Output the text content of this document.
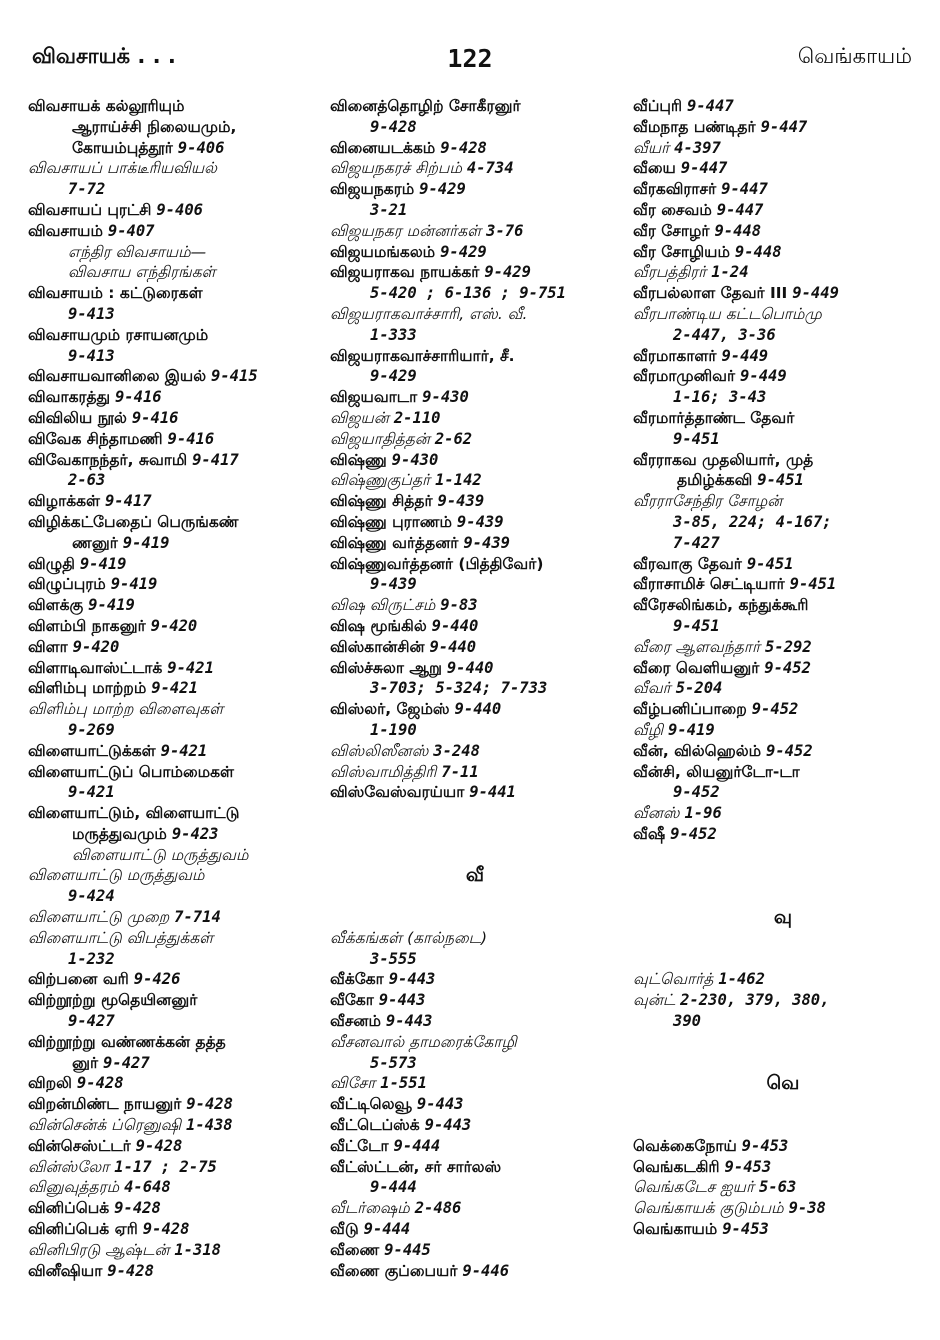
விவசாயக் . . .	122	வெங்காயம்
விவசாயக் கல்லூரியும்
ஆராய்ச்சி நிலையமும்,
கோயம்புத்தூர் 9-406
விவசாயப் பாக்டீரியவியல்
7-72
விவசாயப் புரட்சி 9-406
விவசாயம் 9-407
எந்திர விவசாயம்—
விவசாய எந்திரங்கள்
விவசாயம் : கட்டுரைகள்
9-413
விவசாயமும் ரசாயனமும்
9-413
விவசாயவானிலை இயல் 9-415
விவாகரத்து 9-416
விவிலிய நூல் 9-416
விவேக சிந்தாமணி 9-416
விவேகாநந்தர், சுவாமி 9-417
2-63
விழாக்கள் 9-417
விழிக்கட்பேதைப் பெருங்கண்
ணனுர் 9-419
விழுதி 9-419
விழுப்புரம் 9-419
விளக்கு 9-419
விளம்பி நாகனுர் 9-420
விளா 9-420
விளாடிவாஸ்ட்டாக் 9-421
விளிம்பு மாற்றம் 9-421
விளிம்பு மாற்ற விளைவுகள்
9-269
விளையாட்டுக்கள் 9-421
விளையாட்டுப் பொம்மைகள்
9-421
விளையாட்டும், விளையாட்டு
மருத்துவமும் 9-423
விளையாட்டு மருத்துவம்
விளையாட்டு மருத்துவம்
9-424
விளையாட்டு முறை 7-714
விளையாட்டு விபத்துக்கள்
1-232
விற்பனை வரி 9-426
விற்றூற்று மூதெயினனுர்
9-427
விற்றூற்று வண்ணக்கன் தத்த
னுர் 9-427
விறலி 9-428
விறன்மிண்ட நாயனுர் 9-428
வின்சென்க் ப்ரெனுஷி 1-438
வின்செஸ்ட்டர் 9-428
வின்ஸ்லோ 1-17 ; 2-75
வினுவுத்தரம் 4-648
வினிப்பெக் 9-428
வினிப்பெக் ஏரி 9-428
வினிபிரடு ஆஷ்டன் 1-318
வினீஷியா 9-428
வினைத்தொழிற் சோகீரனுர்
9-428
வினையடக்கம் 9-428
விஜயநகரச் சிற்பம் 4-734
விஜயநகரம் 9-429
3-21
விஜயநகர மன்னர்கள் 3-76
விஜயமங்கலம் 9-429
விஜயராகவ நாயக்கர் 9-429
5-420 ; 6-136 ; 9-751
விஜயராகவாச்சாரி, எஸ். வீ.
1-333
விஜயராகவாச்சாரியார், சீ.
9-429
விஜயவாடா 9-430
விஜயன் 2-110
விஜயாதித்தன் 2-62
விஷ்ணு 9-430
விஷ்ணுகுப்தர் 1-142
விஷ்ணு சித்தர் 9-439
விஷ்ணு புராணம் 9-439
விஷ்ணு வர்த்தனர் 9-439
விஷ்ணுவர்த்தனர் (பித்திவேர்)
9-439
விஷ விருட்சம் 9-83
விஷ மூங்கில் 9-440
விஸ்கான்சின் 9-440
விஸ்ச்சுலா ஆறு 9-440
3-703; 5-324; 7-733
விஸ்லர், ஜேம்ஸ் 9-440
1-190
விஸ்லிஸீனஸ் 3-248
விஸ்வாமித்திரி 7-11
விஸ்வேஸ்வரய்யா 9-441
வீ
வீக்கங்கள் (கால்நடை)
3-555
வீக்கோ 9-443
வீகோ 9-443
வீசனம் 9-443
வீசனவால் தாமரைக்கோழி
5-573
விசோ 1-551
வீட்டிலெவூ 9-443
வீட்டெப்ஸ்க் 9-443
வீட்டோ 9-444
வீட்ஸ்ட்டன், சர் சார்லஸ்
9-444
வீடர்ஷைம் 2-486
வீடு 9-444
வீணை 9-445
வீணை குப்பையர் 9-446
வீப்புரி 9-447
வீமநாத பண்டிதர் 9-447
வீயர் 4-397
வீயை 9-447
வீரகவிராசர் 9-447
வீர சைவம் 9-447
வீர சோழர் 9-448
வீர சோழியம் 9-448
வீரபத்திரர் 1-24
வீரபல்லாள தேவர் III 9-449
வீரபாண்டிய கட்டபொம்மு
2-447, 3-36
வீரமாகாளர் 9-449
வீரமாமுனிவர் 9-449
1-16; 3-43
வீரமார்த்தாண்ட தேவர்
9-451
வீரராகவ முதலியார், முத்
தமிழ்க்கவி 9-451
வீரராசேந்திர சோழன்
3-85, 224; 4-167;
7-427
வீரவாகு தேவர் 9-451
வீராசாமிச் செட்டியார் 9-451
வீரேசலிங்கம், கந்துக்கூரி
9-451
வீரை ஆளவந்தார் 5-292
வீரை வெளியனுர் 9-452
வீவர் 5-204
வீழ்பனிப்பாறை 9-452
வீழி 9-419
வீன், வில்ஹெல்ம் 9-452
வீன்சி, லியனுர்டோ-டா
9-452
வீனஸ் 1-96
வீஷீ 9-452
வு
வுட்வொர்த் 1-462
வுன்ட் 2-230, 379, 380,
390
வெ
வெக்கைநோய் 9-453
வெங்கடகிரி 9-453
வெங்கடேச ஐயர் 5-63
வெங்காயக் குடும்பம் 9-38
வெங்காயம் 9-453
